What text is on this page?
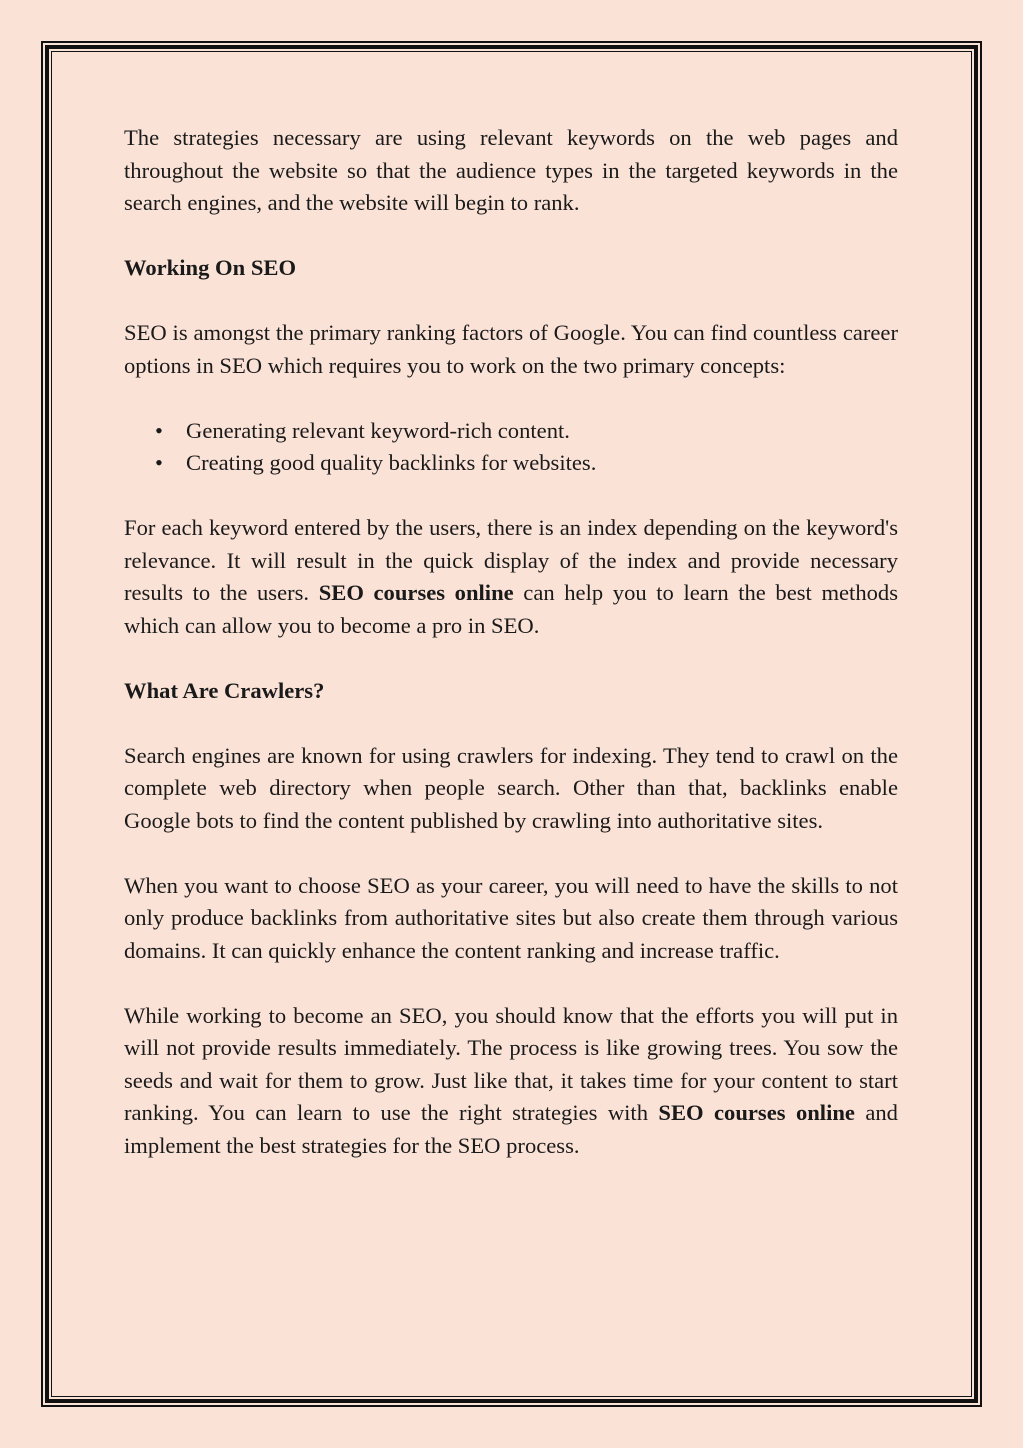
The strategies necessary are using relevant keywords on the web pages and throughout the website so that the audience types in the targeted keywords in the search engines, and the website will begin to rank.

Working On SEO

SEO is amongst the primary ranking factors of Google. You can find countless career options in SEO which requires you to work on the two primary concepts:

• Generating relevant keyword-rich content.
• Creating good quality backlinks for websites.

For each keyword entered by the users, there is an index depending on the keyword's relevance. It will result in the quick display of the index and provide necessary results to the users. SEO courses online can help you to learn the best methods which can allow you to become a pro in SEO.

What Are Crawlers?

Search engines are known for using crawlers for indexing. They tend to crawl on the complete web directory when people search. Other than that, backlinks enable Google bots to find the content published by crawling into authoritative sites.

When you want to choose SEO as your career, you will need to have the skills to not only produce backlinks from authoritative sites but also create them through various domains. It can quickly enhance the content ranking and increase traffic.

While working to become an SEO, you should know that the efforts you will put in will not provide results immediately. The process is like growing trees. You sow the seeds and wait for them to grow. Just like that, it takes time for your content to start ranking. You can learn to use the right strategies with SEO courses online and implement the best strategies for the SEO process.
